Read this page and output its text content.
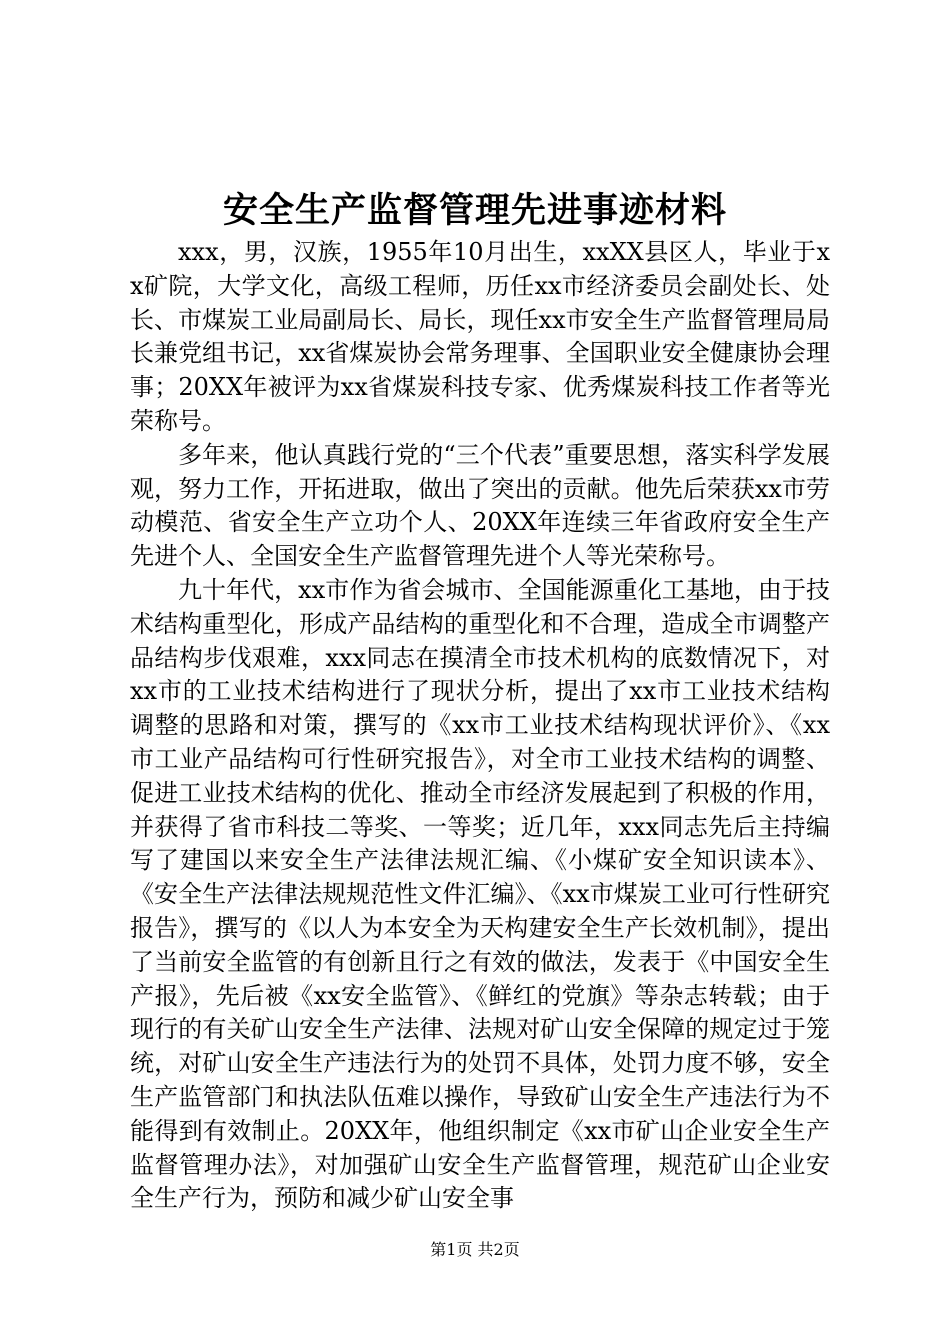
安全生产监督管理先进事迹材料

xxx，男，汉族，1955年10月出生，xxXX县区人，毕业于xx矿院，大学文化，高级工程师，历任xx市经济委员会副处长、处长、市煤炭工业局副局长、局长，现任xx市安全生产监督管理局局长兼党组书记，xx省煤炭协会常务理事、全国职业安全健康协会理事；20XX年被评为xx省煤炭科技专家、优秀煤炭科技工作者等光荣称号。

多年来，他认真践行党的“三个代表”重要思想，落实科学发展观，努力工作，开拓进取，做出了突出的贡献。他先后荣获xx市劳动模范、省安全生产立功个人、20XX年连续三年省政府安全生产先进个人、全国安全生产监督管理先进个人等光荣称号。

九十年代，xx市作为省会城市、全国能源重化工基地，由于技术结构重型化，形成产品结构的重型化和不合理，造成全市调整产品结构步伐艰难，xxx同志在摸清全市技术机构的底数情况下，对xx市的工业技术结构进行了现状分析，提出了xx市工业技术结构调整的思路和对策，撰写的《xx市工业技术结构现状评价》、《xx市工业产品结构可行性研究报告》，对全市工业技术结构的调整、促进工业技术结构的优化、推动全市经济发展起到了积极的作用，并获得了省市科技二等奖、一等奖；近几年，xxx同志先后主持编写了建国以来安全生产法律法规汇编、《小煤矿安全知识读本》、《安全生产法律法规规范性文件汇编》、《xx市煤炭工业可行性研究报告》，撰写的《以人为本安全为天构建安全生产长效机制》，提出了当前安全监管的有创新且行之有效的做法，发表于《中国安全生产报》，先后被《xx安全监管》、《鲜红的党旗》等杂志转载；由于现行的有关矿山安全生产法律、法规对矿山安全保障的规定过于笼统，对矿山安全生产违法行为的处罚不具体，处罚力度不够，安全生产监管部门和执法队伍难以操作，导致矿山安全生产违法行为不能得到有效制止。20XX年，他组织制定《xx市矿山企业安全生产监督管理办法》，对加强矿山安全生产监督管理，规范矿山企业安全生产行为，预防和减少矿山安全事

第1页 共2页
